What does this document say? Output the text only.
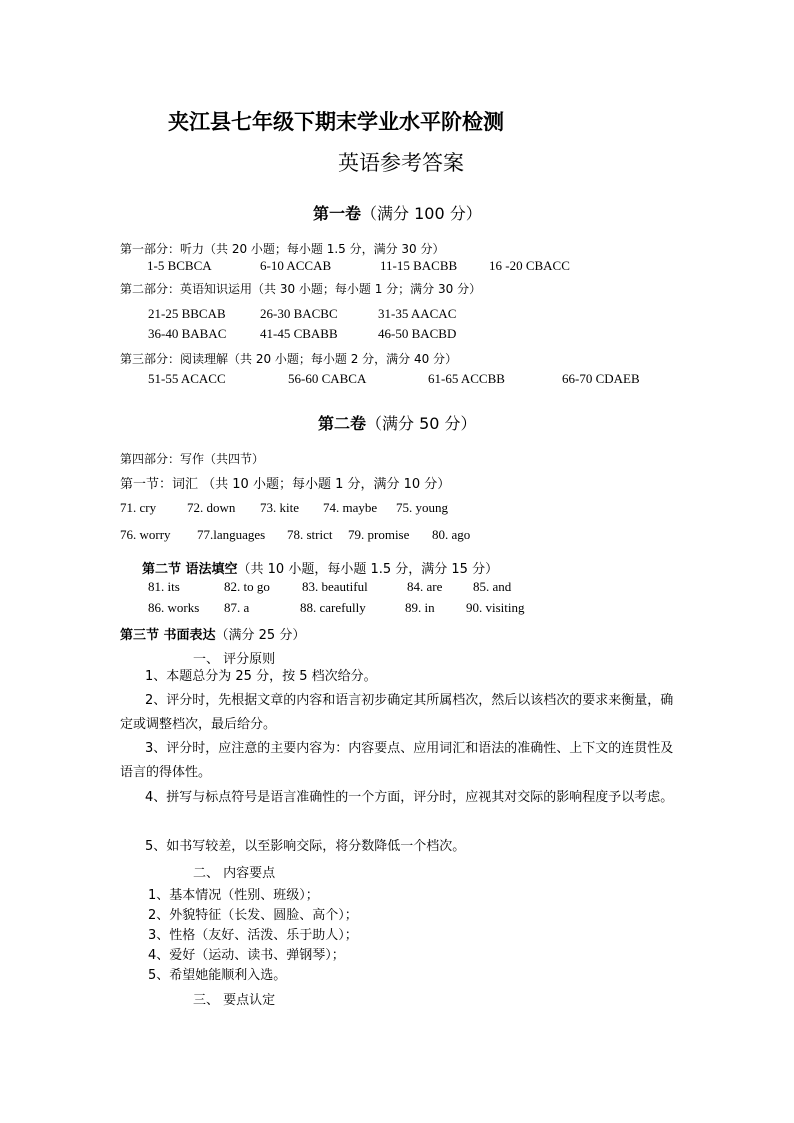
夹江县七年级下期末学业水平阶检测
英语参考答案
第一卷（满分 100 分）
第一部分：听力（共 20 小题；每小题 1.5 分，满分 30 分）
1-5 BCBCA	6-10 ACCAB	11-15 BACBB 16 -20 CBACC
第二部分：英语知识运用（共 30 小题；每小题 1 分；满分 30 分）
21-25 BBCAB	26-30 BACBC	31-35 AACAC
36-40 BABAC	41-45 CBABB	46-50 BACBD
第三部分：阅读理解（共 20 小题；每小题 2 分，满分 40 分）
51-55 ACACC	56-60 CABCA	61-65 ACCBB	66-70 CDAEB
第二卷（满分 50 分）
第四部分：写作（共四节）
第一节：词汇 （共 10 小题；每小题 1 分，满分 10 分）
71. cry 72. down 73. kite 74. maybe 75. young
76. worry 77.languages 78. strict 79. promise 80. ago
第二节 语法填空（共 10 小题，每小题 1.5 分，满分 15 分）
81. its	82. to go 83. beautiful	84. are 85. and
86. works 87. a	88. carefully	89. in 90. visiting
第三节 书面表达（满分 25 分）
一、 评分原则
1、本题总分为 25 分，按 5 档次给分。
2、评分时，先根据文章的内容和语言初步确定其所属档次，然后以该档次的要求来衡量，确定或调整档次，最后给分。
3、评分时，应注意的主要内容为：内容要点、应用词汇和语法的准确性、上下文的连贯性及语言的得体性。
4、拼写与标点符号是语言准确性的一个方面，评分时，应视其对交际的影响程度予以考虑。
5、如书写较差，以至影响交际，将分数降低一个档次。
二、 内容要点
1、基本情况（性别、班级）；
2、外貌特征（长发、圆脸、高个）；
3、性格（友好、活泼、乐于助人）；
4、爱好（运动、读书、弹钢琴）；
5、希望她能顺利入选。
三、 要点认定
